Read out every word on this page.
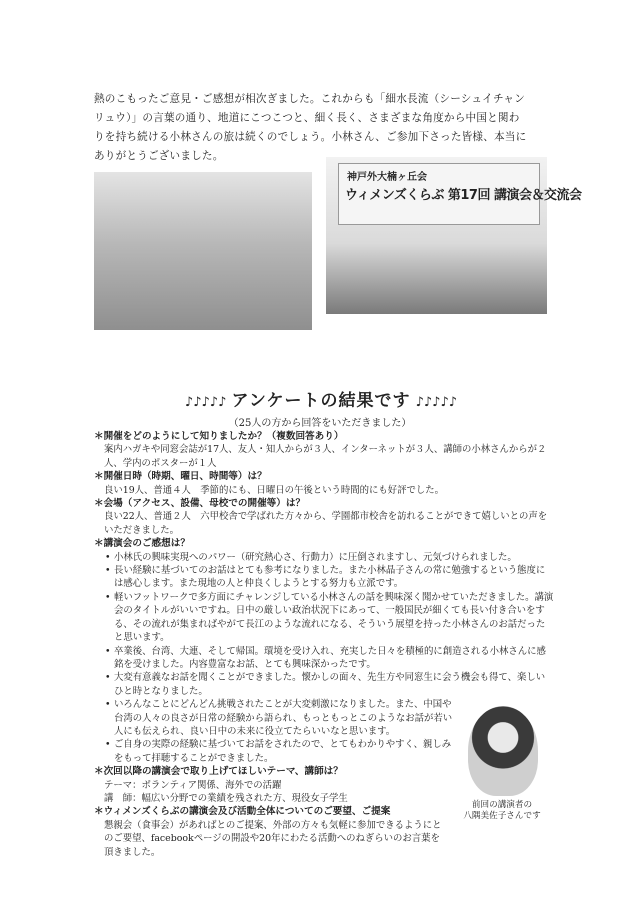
熱のこもったご意見・ご感想が相次ぎました。これからも「細水長流（シーシュイチャン

リュウ）」の言葉の通り、地道にこつこつと、細く長く、さまざまな角度から中国と関わ

りを持ち続ける小林さんの旅は続くのでしょう。小林さん、ご参加下さった皆様、本当に

ありがとうございました。

神戸外大楠ヶ丘会
ウィメンズくらぶ 第17回 講演会＆交流会
♪♪♪♪♪ アンケートの結果です ♪♪♪♪♪
（25人の方から回答をいただきました）
＊開催をどのようにして知りましたか？（複数回答あり）
案内ハガキや同窓会誌が17人、友人・知人からが３人、インターネットが３人、講師の小林さんからが２人、学内のポスターが１人
＊開催日時（時期、曜日、時間等）は？
良い19人、普通４人　季節的にも、日曜日の午後という時間的にも好評でした。
＊会場（アクセス、設備、母校での開催等）は？
良い22人、普通２人　六甲校舎で学ばれた方々から、学園都市校舎を訪れることができて嬉しいとの声をいただきました。
＊講演会のご感想は？
• 小林氏の興味実現へのパワー（研究熱心さ、行動力）に圧倒されますし、元気づけられました。
• 長い経験に基づいてのお話はとても参考になりました。また小林晶子さんの常に勉強するという態度には感心します。また現地の人と仲良くしようとする努力も立派です。
• 軽いフットワークで多方面にチャレンジしている小林さんの話を興味深く聞かせていただきました。講演会のタイトルがいいですね。日中の厳しい政治状況下にあって、一般国民が細くても長い付き合いをする、その流れが集まればやがて長江のような流れになる、そういう展望を持った小林さんのお話だったと思います。
• 卒業後、台湾、大連、そして帰国。環境を受け入れ、充実した日々を積極的に創造される小林さんに感銘を受けました。内容豊富なお話、とても興味深かったです。
• 大変有意義なお話を聞くことができました。懐かしの面々、先生方や同窓生に会う機会も得て、楽しいひと時となりました。
• いろんなことにどんどん挑戦されたことが大変刺激になりました。また、中国や台湾の人々の良さが日常の経験から語られ、もっともっとこのようなお話が若い人にも伝えられ、良い日中の未来に役立てたらいいなと思います。
• ご自身の実際の経験に基づいてお話をされたので、とてもわかりやすく、親しみをもって拝聴することができました。
＊次回以降の講演会で取り上げてほしいテーマ、講師は？
テーマ：ボランティア関係、海外での活躍
講　師：幅広い分野での業績を残された方、現役女子学生
＊ウィメンズくらぶの講演会及び活動全体についてのご要望、ご提案
懇親会（食事会）があればとのご提案、外部の方々も気軽に参加できるようにとのご要望、facebookページの開設や20年にわたる活動へのねぎらいのお言葉を頂きました。
前回の講演者の
八隅美佐子さんです
